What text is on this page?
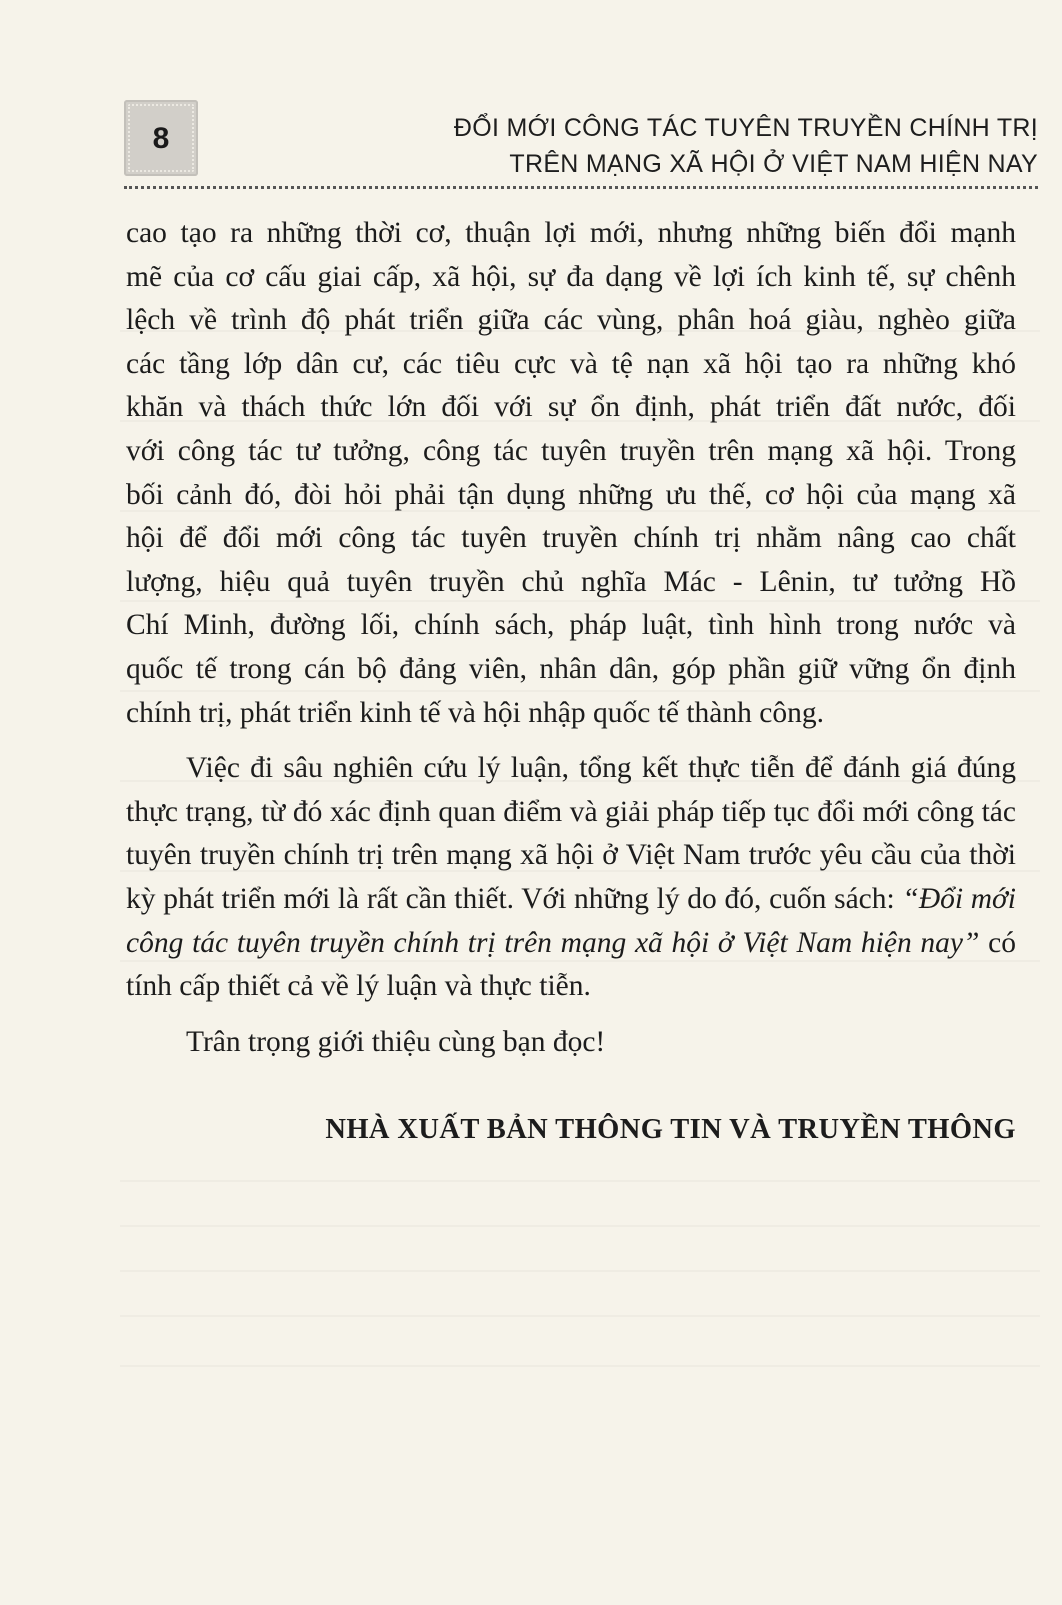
8	ĐỔI MỚI CÔNG TÁC TUYÊN TRUYỀN CHÍNH TRỊ
TRÊN MẠNG XÃ HỘI Ở VIỆT NAM HIỆN NAY

cao tạo ra những thời cơ, thuận lợi mới, nhưng những biến đổi mạnh

mẽ của cơ cấu giai cấp, xã hội, sự đa dạng về lợi ích kinh tế, sự chênh

lệch về trình độ phát triển giữa các vùng, phân hoá giàu, nghèo giữa

các tầng lớp dân cư, các tiêu cực và tệ nạn xã hội tạo ra những khó

khăn và thách thức lớn đối với sự ổn định, phát triển đất nước, đối

với công tác tư tưởng, công tác tuyên truyền trên mạng xã hội. Trong

bối cảnh đó, đòi hỏi phải tận dụng những ưu thế, cơ hội của mạng xã

hội để đổi mới công tác tuyên truyền chính trị nhằm nâng cao chất

lượng, hiệu quả tuyên truyền chủ nghĩa Mác - Lênin, tư tưởng Hồ

Chí Minh, đường lối, chính sách, pháp luật, tình hình trong nước và

quốc tế trong cán bộ đảng viên, nhân dân, góp phần giữ vững ổn định

chính trị, phát triển kinh tế và hội nhập quốc tế thành công.

Việc đi sâu nghiên cứu lý luận, tổng kết thực tiễn để đánh giá đúng thực trạng, từ đó xác định quan điểm và giải pháp tiếp tục đổi mới công tác tuyên truyền chính trị trên mạng xã hội ở Việt Nam trước yêu cầu của thời kỳ phát triển mới là rất cần thiết. Với những lý do đó, cuốn sách: “Đổi mới công tác tuyên truyền chính trị trên mạng xã hội ở Việt Nam hiện nay” có tính cấp thiết cả về lý luận và thực tiễn.

Trân trọng giới thiệu cùng bạn đọc!

NHÀ XUẤT BẢN THÔNG TIN VÀ TRUYỀN THÔNG
